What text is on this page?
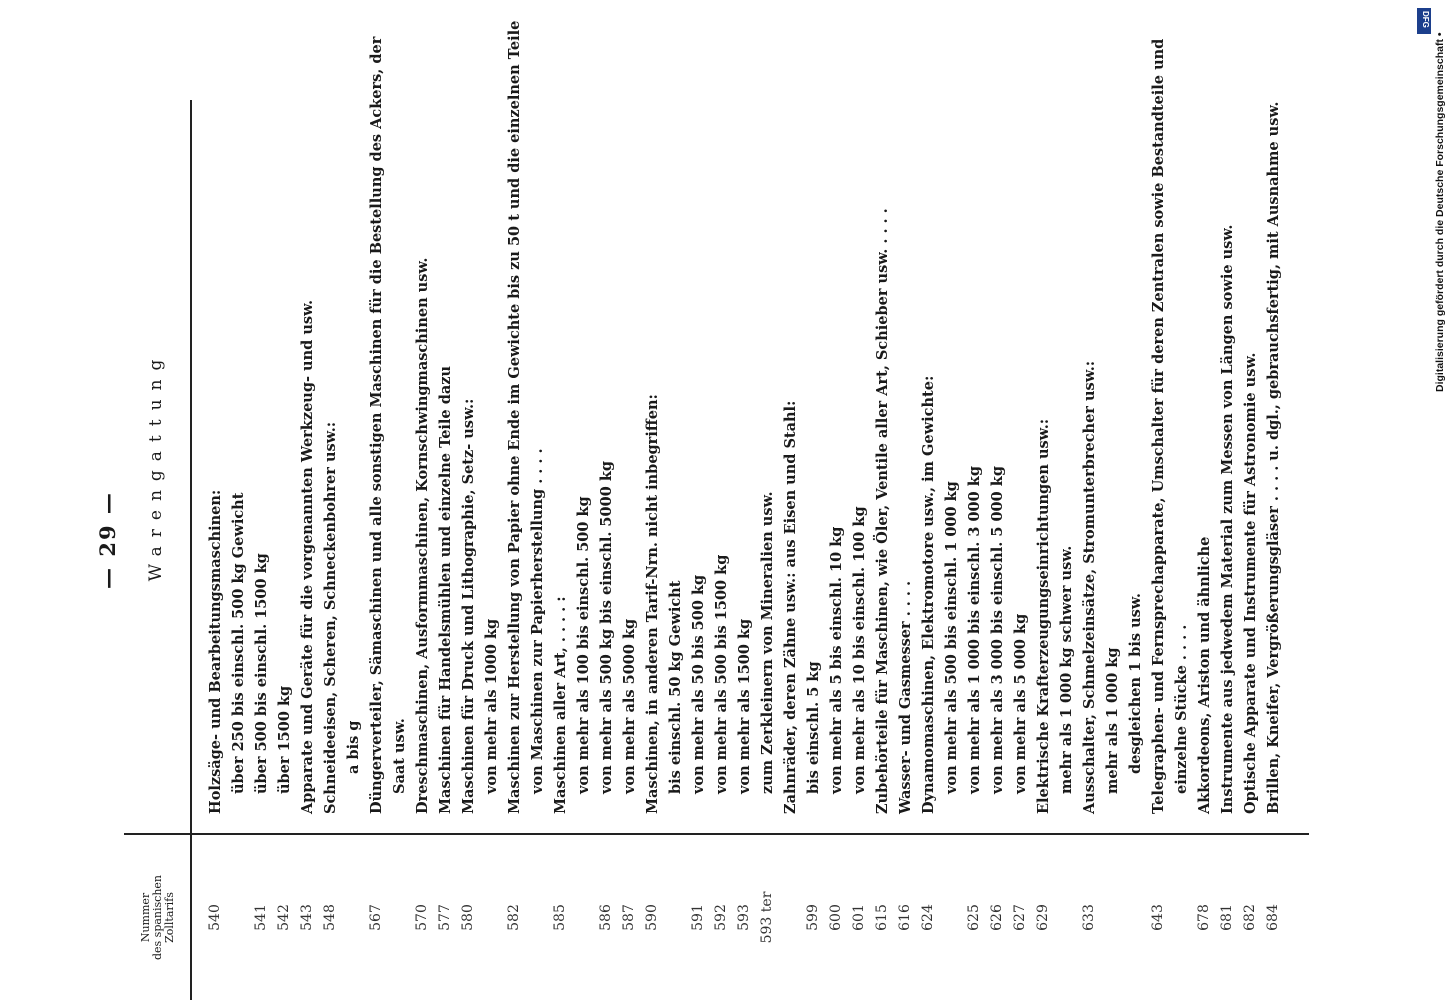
— 29 —
Nummer
des spanischen
Zolltarifs
Warengattung
540
Holzsäge- und Bearbeitungsmaschinen: über 250 bis einschl. 500 kg Gewicht
541
über 500 bis einschl. 1500 kg
542
über 1500 kg
543
Apparate und Geräte für die vorgenannten Werkzeug- und usw.
548
Schneideeisen, Scheren, Schneckenbohrer usw.: a bis g
567
Düngerverteiler, Sämaschinen und alle sonstigen Maschinen für die Bestellung des Ackers, der Saat usw.
570
Dreschmaschinen, Ausformmaschinen, Kornschwingmaschinen usw.
577
Maschinen für Handelsmühlen und einzelne Teile dazu
580
Maschinen für Druck und Lithographie, Setz- usw.: von mehr als 1000 kg
582
Maschinen zur Herstellung von Papier ohne Ende im Gewichte bis zu 50 t und die einzelnen Teile von Maschinen zur Papierherstellung . . . .
585
Maschinen aller Art, . . . . : von mehr als 100 bis einschl. 500 kg
586
von mehr als 500 kg bis einschl. 5000 kg
587
von mehr als 5000 kg
590
Maschinen, in anderen Tarif-Nrn. nicht inbegriffen: bis einschl. 50 kg Gewicht
591
von mehr als 50 bis 500 kg
592
von mehr als 500 bis 1500 kg
593
von mehr als 1500 kg
593 ter
zum Zerkleinern von Mineralien usw. Zahnräder, deren Zähne usw.: aus Eisen und Stahl:
599
bis einschl. 5 kg
600
von mehr als 5 bis einschl. 10 kg
601
von mehr als 10 bis einschl. 100 kg
615
Zubehörteile für Maschinen, wie Öler, Ventile aller Art, Schieber usw. . . . .
616
Wasser- und Gasmesser . . . .
624
Dynamomaschinen, Elektromotore usw., im Gewichte: von mehr als 500 bis einschl. 1 000 kg
625
von mehr als 1 000 bis einschl. 3 000 kg
626
von mehr als 3 000 bis einschl. 5 000 kg
627
von mehr als 5 000 kg
629
Elektrische Krafterzeugungseinrichtungen usw.: mehr als 1 000 kg schwer usw.
633
Ausschalter, Schmelzeinsätze, Stromunterbrecher usw.: mehr als 1 000 kg desgleichen 1 bis usw.
643
Telegraphen- und Fernsprechapparate, Umschalter für deren Zentralen sowie Bestandteile und einzelne Stücke . . . .
678
Akkordeons, Ariston und ähnliche
681
Instrumente aus jedwedem Material zum Messen von Längen sowie usw.
682
Optische Apparate und Instrumente für Astronomie usw.
684
Brillen, Kneifer, Vergrößerungsgläser . . . . u. dgl., gebrauchsfertig, mit Ausnahme usw.	Digitalisierung gefördert durch die Deutsche Forschungsgemeinschaft •
DFG
